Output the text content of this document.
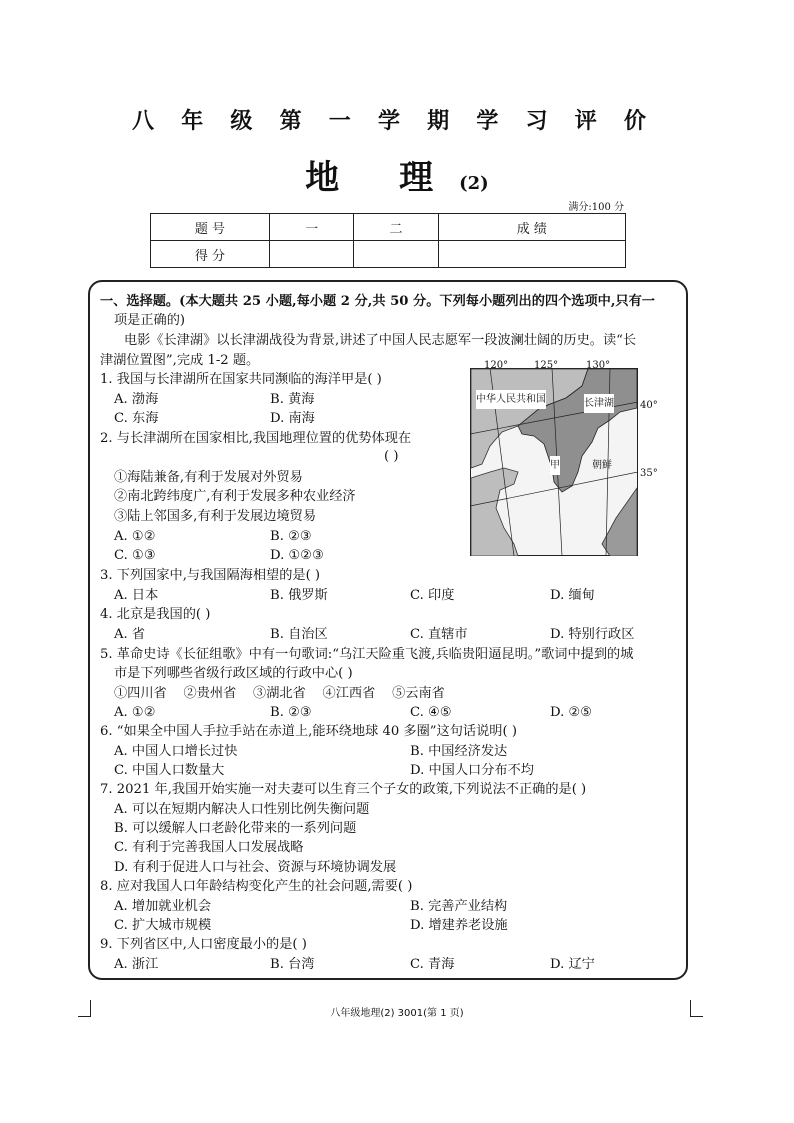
八 年 级 第 一 学 期 学 习 评 价
地 理 (2)
满分:100 分
题 号	一	二	成 绩
得 分			
一、选择题。(本大题共 25 小题,每小题 2 分,共 50 分。下列每小题列出的四个选项中,只有一
项是正确的)
电影《长津湖》以长津湖战役为背景,讲述了中国人民志愿军一段波澜壮阔的历史。读“长
津湖位置图”,完成 1-2 题。	120°	125°	130°
40°
35°
中华人民共和国	长津湖
甲	朝鲜
1. 我国与长津湖所在国家共同濒临的海洋甲是( )
A. 渤海	B. 黄海
C. 东海	D. 南海
2. 与长津湖所在国家相比,我国地理位置的优势体现在
( )
①海陆兼备,有利于发展对外贸易
②南北跨纬度广,有利于发展多种农业经济
③陆上邻国多,有利于发展边境贸易
A. ①②	B. ②③
C. ①③	D. ①②③
3. 下列国家中,与我国隔海相望的是( )
A. 日本	B. 俄罗斯	C. 印度	D. 缅甸
4. 北京是我国的( )
A. 省	B. 自治区	C. 直辖市	D. 特别行政区
5. 革命史诗《长征组歌》中有一句歌词:“乌江天险重飞渡,兵临贵阳逼昆明。”歌词中提到的城
市是下列哪些省级行政区域的行政中心( )
①四川省    ②贵州省    ③湖北省    ④江西省    ⑤云南省
A. ①②	B. ②③	C. ④⑤	D. ②⑤
6. “如果全中国人手拉手站在赤道上,能环绕地球 40 多圈”这句话说明( )
A. 中国人口增长过快	B. 中国经济发达
C. 中国人口数量大	D. 中国人口分布不均
7. 2021 年,我国开始实施一对夫妻可以生育三个子女的政策,下列说法不正确的是( )
A. 可以在短期内解决人口性别比例失衡问题
B. 可以缓解人口老龄化带来的一系列问题
C. 有利于完善我国人口发展战略
D. 有利于促进人口与社会、资源与环境协调发展
8. 应对我国人口年龄结构变化产生的社会问题,需要( )
A. 增加就业机会	B. 完善产业结构
C. 扩大城市规模	D. 增建养老设施
9. 下列省区中,人口密度最小的是( )
A. 浙江	B. 台湾	C. 青海	D. 辽宁
八年级地理(2) 3001(第 1 页)
